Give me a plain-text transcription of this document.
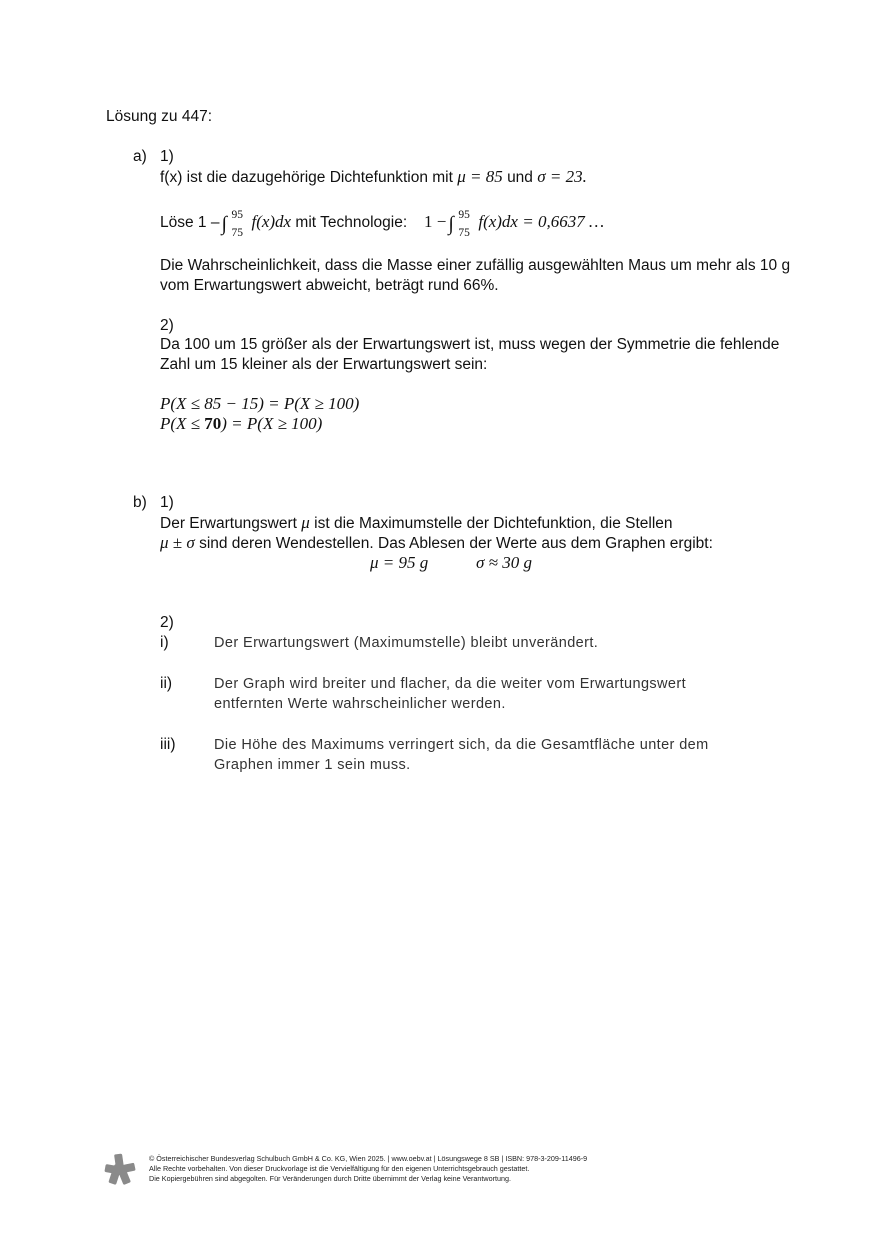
Lösung zu 447:
a) 1)
f(x) ist die dazugehörige Dichtefunktion mit μ = 85 und σ = 23.
Löse 1 – ∫ 95
75
f(x)dx mit Technologie: 1 − ∫ 95
75
f(x)dx = 0,6637 …
Die Wahrscheinlichkeit, dass die Masse einer zufällig ausgewählten Maus um mehr als 10 g
vom Erwartungswert abweicht, beträgt rund 66%.
2)
Da 100 um 15 größer als der Erwartungswert ist, muss wegen der Symmetrie die fehlende
Zahl um 15 kleiner als der Erwartungswert sein:
P(X ≤ 85 − 15) = P(X ≥ 100)
P(X ≤ 70) = P(X ≥ 100)
b) 1)
Der Erwartungswert μ ist die Maximumstelle der Dichtefunktion, die Stellen
μ ± σ sind deren Wendestellen. Das Ablesen der Werte aus dem Graphen ergibt:
μ = 95 g	σ ≈ 30 g
2)
i)	Der Erwartungswert (Maximumstelle) bleibt unverändert.
ii)	Der Graph wird breiter und flacher, da die weiter vom Erwartungswert
entfernten Werte wahrscheinlicher werden.
iii)	Die Höhe des Maximums verringert sich, da die Gesamtfläche unter dem
Graphen immer 1 sein muss.
© Österreichischer Bundesverlag Schulbuch GmbH & Co. KG, Wien 2025. | www.oebv.at | Lösungswege 8 SB | ISBN: 978-3-209-11496-9
Alle Rechte vorbehalten. Von dieser Druckvorlage ist die Vervielfältigung für den eigenen Unterrichtsgebrauch gestattet.
Die Kopiergebühren sind abgegolten. Für Veränderungen durch Dritte übernimmt der Verlag keine Verantwortung.
